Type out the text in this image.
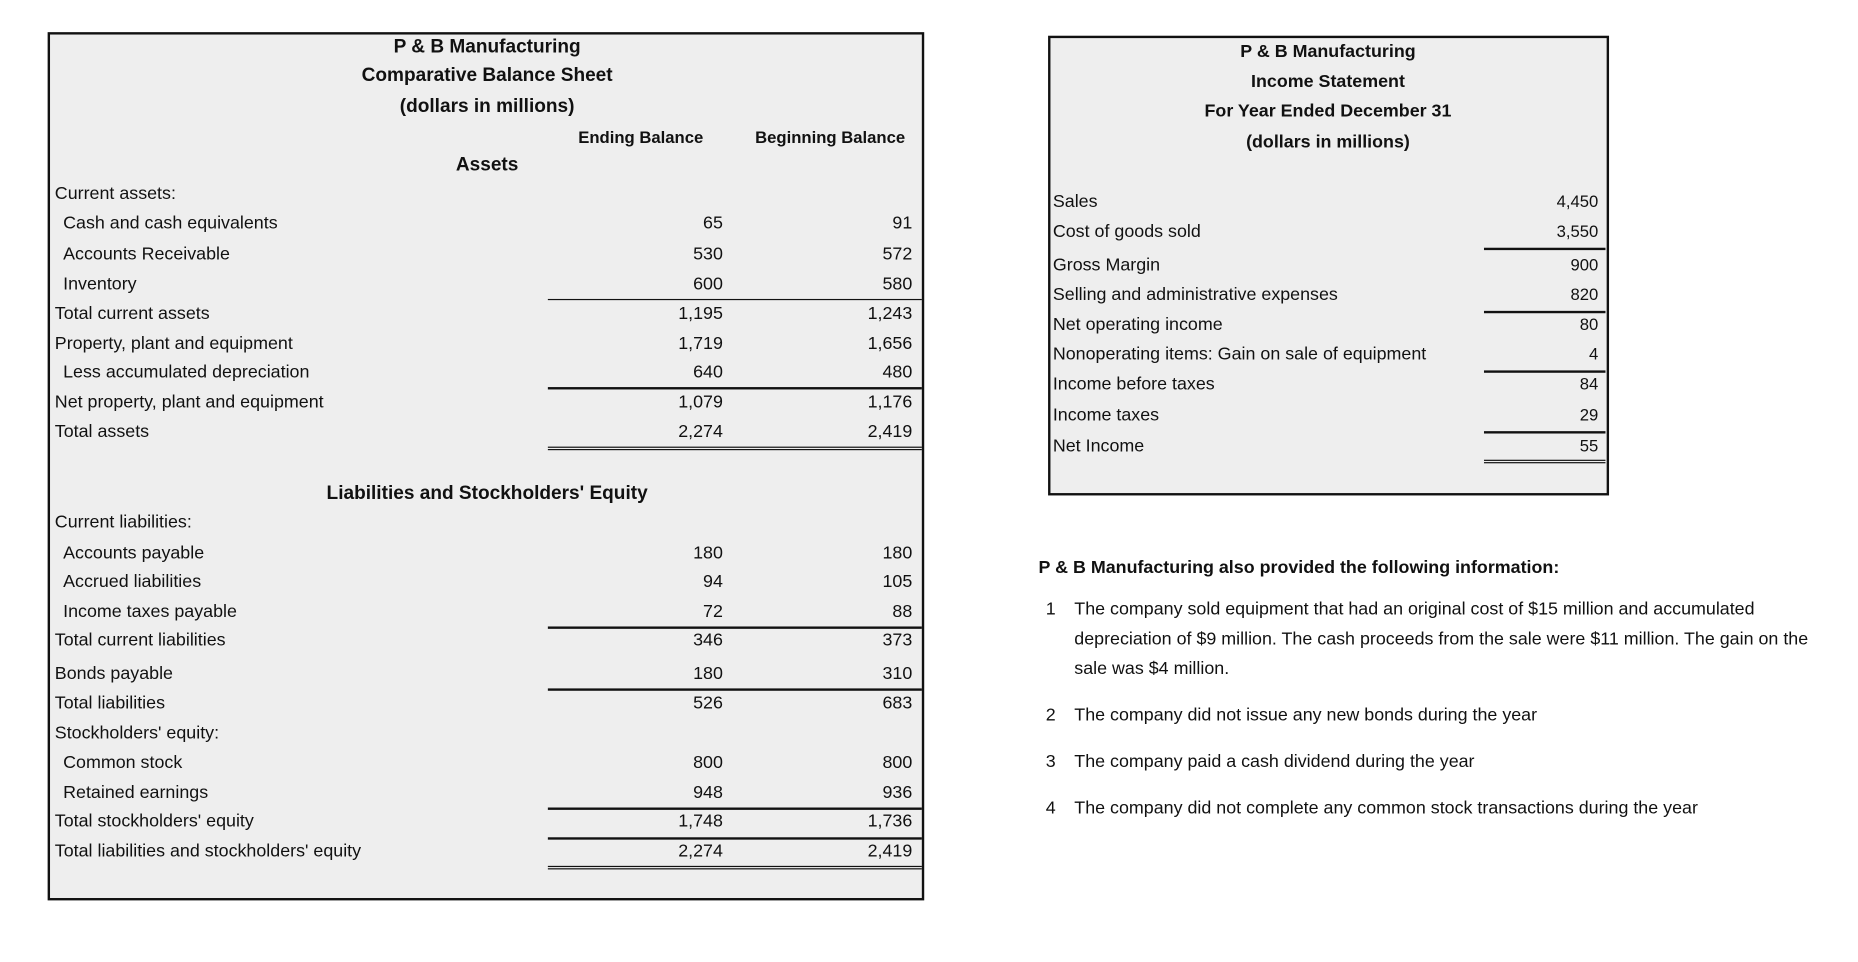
P & B Manufacturing
Comparative Balance Sheet
(dollars in millions)
Ending Balance	Beginning Balance
Assets
Liabilities and Stockholders' Equity
Current assets:
Cash and cash equivalents	65	91
Accounts Receivable	530	572
Inventory	600	580
Total current assets	1,195	1,243
Property, plant and equipment	1,719	1,656
Less accumulated depreciation	640	480
Net property, plant and equipment	1,079	1,176
Total assets	2,274	2,419
Current liabilities:
Accounts payable	180	180
Accrued liabilities	94	105
Income taxes payable	72	88
Total current liabilities	346	373
Bonds payable	180	310
Total liabilities	526	683
Stockholders' equity:
Common stock	800	800
Retained earnings	948	936
Total stockholders' equity	1,748	1,736
Total liabilities and stockholders' equity	2,274	2,419
P & B Manufacturing
Income Statement
For Year Ended December 31
(dollars in millions)
Sales	4,450
Cost of goods sold	3,550
Gross Margin	900
Selling and administrative expenses	820
Net operating income	80
Nonoperating items: Gain on sale of equipment	4
Income before taxes	84
Income taxes	29
Net Income	55
P & B Manufacturing also provided the following information:
1	The company sold equipment that had an original cost of $15 million and accumulated depreciation of $9 million. The cash proceeds from the sale were $11 million. The gain on the sale was $4 million.
2	The company did not issue any new bonds during the year
3	The company paid a cash dividend during the year
4	The company did not complete any common stock transactions during the year
